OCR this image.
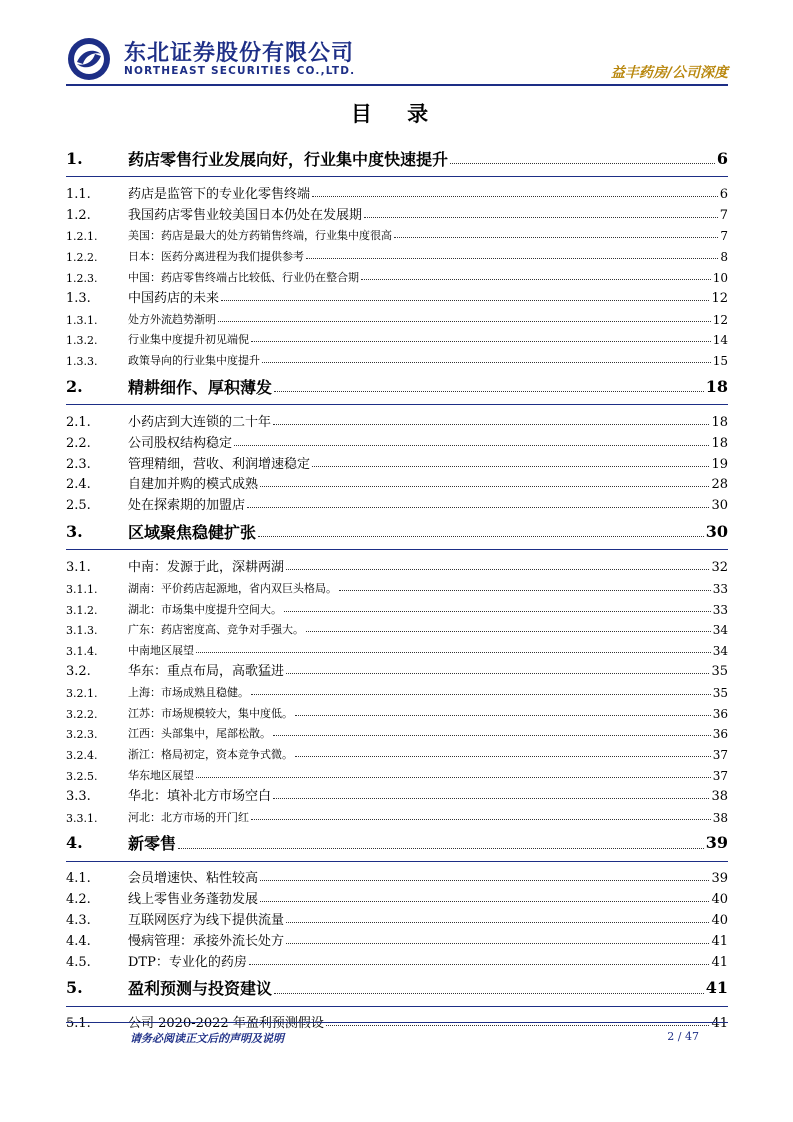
东北证券股份有限公司
NORTHEAST SECURITIES CO.,LTD.	益丰药房/公司深度
目 录
1.	药店零售行业发展向好，行业集中度快速提升	6
1.1.	药店是监管下的专业化零售终端	6
1.2.	我国药店零售业较美国日本仍处在发展期	7
1.2.1.	美国：药店是最大的处方药销售终端，行业集中度很高	7
1.2.2.	日本：医药分离进程为我们提供参考	8
1.2.3.	中国：药店零售终端占比较低、行业仍在整合期	10
1.3.	中国药店的未来	12
1.3.1.	处方外流趋势渐明	12
1.3.2.	行业集中度提升初见端倪	14
1.3.3.	政策导向的行业集中度提升	15
2.	精耕细作、厚积薄发	18
2.1.	小药店到大连锁的二十年	18
2.2.	公司股权结构稳定	18
2.3.	管理精细，营收、利润增速稳定	19
2.4.	自建加并购的模式成熟	28
2.5.	处在探索期的加盟店	30
3.	区域聚焦稳健扩张	30
3.1.	中南：发源于此，深耕两湖	32
3.1.1.	湖南：平价药店起源地，省内双巨头格局。	33
3.1.2.	湖北：市场集中度提升空间大。	33
3.1.3.	广东：药店密度高、竞争对手强大。	34
3.1.4.	中南地区展望	34
3.2.	华东：重点布局，高歌猛进	35
3.2.1.	上海：市场成熟且稳健。	35
3.2.2.	江苏：市场规模较大，集中度低。	36
3.2.3.	江西：头部集中，尾部松散。	36
3.2.4.	浙江：格局初定，资本竞争式微。	37
3.2.5.	华东地区展望	37
3.3.	华北：填补北方市场空白	38
3.3.1.	河北：北方市场的开门红	38
4.	新零售	39
4.1.	会员增速快、粘性较高	39
4.2.	线上零售业务蓬勃发展	40
4.3.	互联网医疗为线下提供流量	40
4.4.	慢病管理：承接外流长处方	41
4.5.	DTP：专业化的药房	41
5.	盈利预测与投资建议	41
5.1.	公司 2020-2022 年盈利预测假设	41
请务必阅读正文后的声明及说明	2 / 47
